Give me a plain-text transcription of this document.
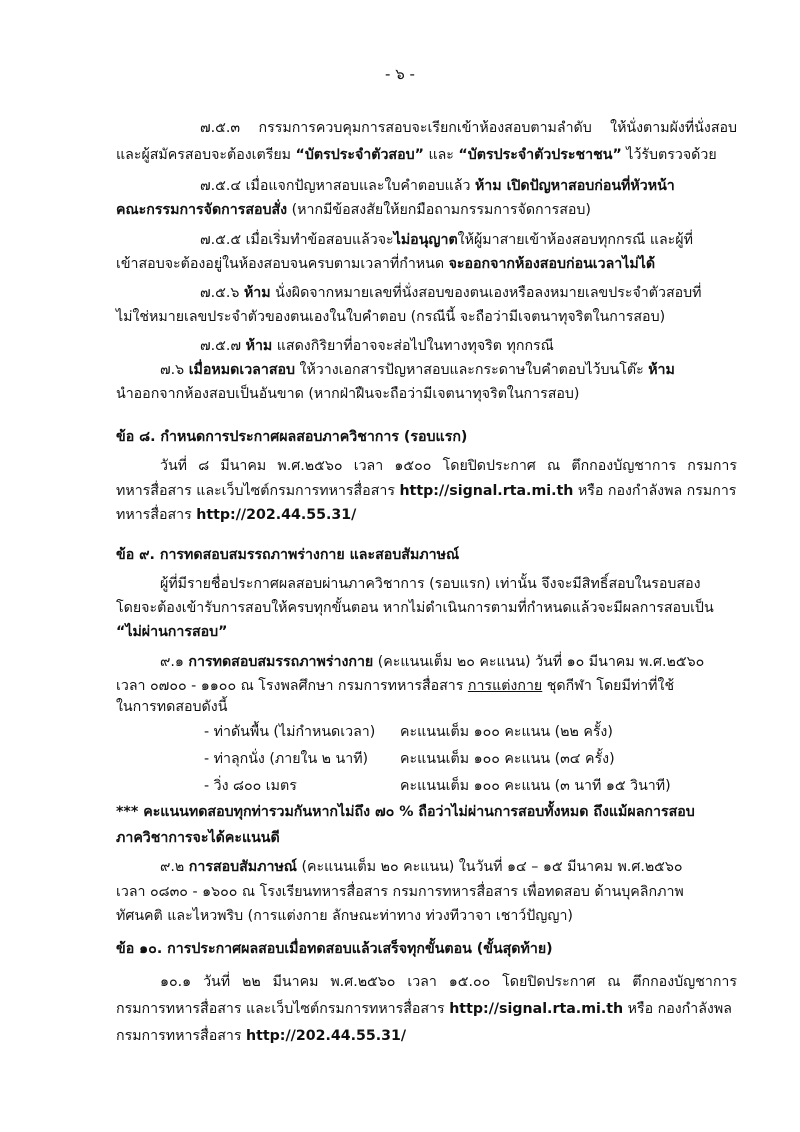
- ๖ -
๗.๕.๓ กรรมการควบคุมการสอบจะเรียกเข้าห้องสอบตามลำดับ ให้นั่งตามผังที่นั่งสอบ
และผู้สมัครสอบจะต้องเตรียม “บัตรประจำตัวสอบ” และ “บัตรประจำตัวประชาชน” ไว้รับตรวจด้วย
๗.๕.๔ เมื่อแจกปัญหาสอบและใบคำตอบแล้ว ห้าม เปิดปัญหาสอบก่อนที่หัวหน้า
คณะกรรมการจัดการสอบสั่ง (หากมีข้อสงสัยให้ยกมือถามกรรมการจัดการสอบ)
๗.๕.๕ เมื่อเริ่มทำข้อสอบแล้วจะไม่อนุญาตให้ผู้มาสายเข้าห้องสอบทุกกรณี และผู้ที่
เข้าสอบจะต้องอยู่ในห้องสอบจนครบตามเวลาที่กำหนด จะออกจากห้องสอบก่อนเวลาไม่ได้
๗.๕.๖ ห้าม นั่งผิดจากหมายเลขที่นั่งสอบของตนเองหรือลงหมายเลขประจำตัวสอบที่
ไม่ใช่หมายเลขประจำตัวของตนเองในใบคำตอบ (กรณีนี้ จะถือว่ามีเจตนาทุจริตในการสอบ)
๗.๕.๗ ห้าม แสดงกิริยาที่อาจจะส่อไปในทางทุจริต ทุกกรณี
๗.๖ เมื่อหมดเวลาสอบ ให้วางเอกสารปัญหาสอบและกระดาษใบคำตอบไว้บนโต๊ะ ห้าม
นำออกจากห้องสอบเป็นอันขาด (หากฝ่าฝืนจะถือว่ามีเจตนาทุจริตในการสอบ)
ข้อ ๘. กำหนดการประกาศผลสอบภาควิชาการ (รอบแรก)
วันที่ ๘ มีนาคม พ.ศ.๒๕๖๐ เวลา ๑๕๐๐ โดยปิดประกาศ ณ ตึกกองบัญชาการ กรมการ
ทหารสื่อสาร และเว็บไซต์กรมการทหารสื่อสาร http://signal.rta.mi.th หรือ กองกำลังพล กรมการ
ทหารสื่อสาร http://202.44.55.31/
ข้อ ๙. การทดสอบสมรรถภาพร่างกาย และสอบสัมภาษณ์
ผู้ที่มีรายชื่อประกาศผลสอบผ่านภาควิชาการ (รอบแรก) เท่านั้น จึงจะมีสิทธิ์สอบในรอบสอง
โดยจะต้องเข้ารับการสอบให้ครบทุกขั้นตอน หากไม่ดำเนินการตามที่กำหนดแล้วจะมีผลการสอบเป็น
“ไม่ผ่านการสอบ”
๙.๑ การทดสอบสมรรถภาพร่างกาย (คะแนนเต็ม ๒๐ คะแนน) วันที่ ๑๐ มีนาคม พ.ศ.๒๕๖๐
เวลา ๐๗๐๐ - ๑๑๐๐ ณ โรงพลศึกษา กรมการทหารสื่อสาร การแต่งกาย ชุดกีฬา โดยมีท่าที่ใช้
ในการทดสอบดังนี้
- ท่าดันพื้น (ไม่กำหนดเวลา) คะแนนเต็ม ๑๐๐ คะแนน (๒๒ ครั้ง)
- ท่าลุกนั่ง (ภายใน ๒ นาที) คะแนนเต็ม ๑๐๐ คะแนน (๓๔ ครั้ง)
- วิ่ง ๘๐๐ เมตร	คะแนนเต็ม ๑๐๐ คะแนน (๓ นาที ๑๕ วินาที)
*** คะแนนทดสอบทุกท่ารวมกันหากไม่ถึง ๗๐ % ถือว่าไม่ผ่านการสอบทั้งหมด ถึงแม้ผลการสอบ
ภาควิชาการจะได้คะแนนดี
๙.๒ การสอบสัมภาษณ์ (คะแนนเต็ม ๒๐ คะแนน) ในวันที่ ๑๔ – ๑๕ มีนาคม พ.ศ.๒๕๖๐
เวลา ๐๘๓๐ - ๑๖๐๐ ณ โรงเรียนทหารสื่อสาร กรมการทหารสื่อสาร เพื่อทดสอบ ด้านบุคลิกภาพ
ทัศนคติ และไหวพริบ (การแต่งกาย ลักษณะท่าทาง ท่วงทีวาจา เชาว์ปัญญา)
ข้อ ๑๐. การประกาศผลสอบเมื่อทดสอบแล้วเสร็จทุกขั้นตอน (ขั้นสุดท้าย)
๑๐.๑ วันที่ ๒๒ มีนาคม พ.ศ.๒๕๖๐ เวลา ๑๕.๐๐ โดยปิดประกาศ ณ ตึกกองบัญชาการ
กรมการทหารสื่อสาร และเว็บไซต์กรมการทหารสื่อสาร http://signal.rta.mi.th หรือ กองกำลังพล
กรมการทหารสื่อสาร http://202.44.55.31/
